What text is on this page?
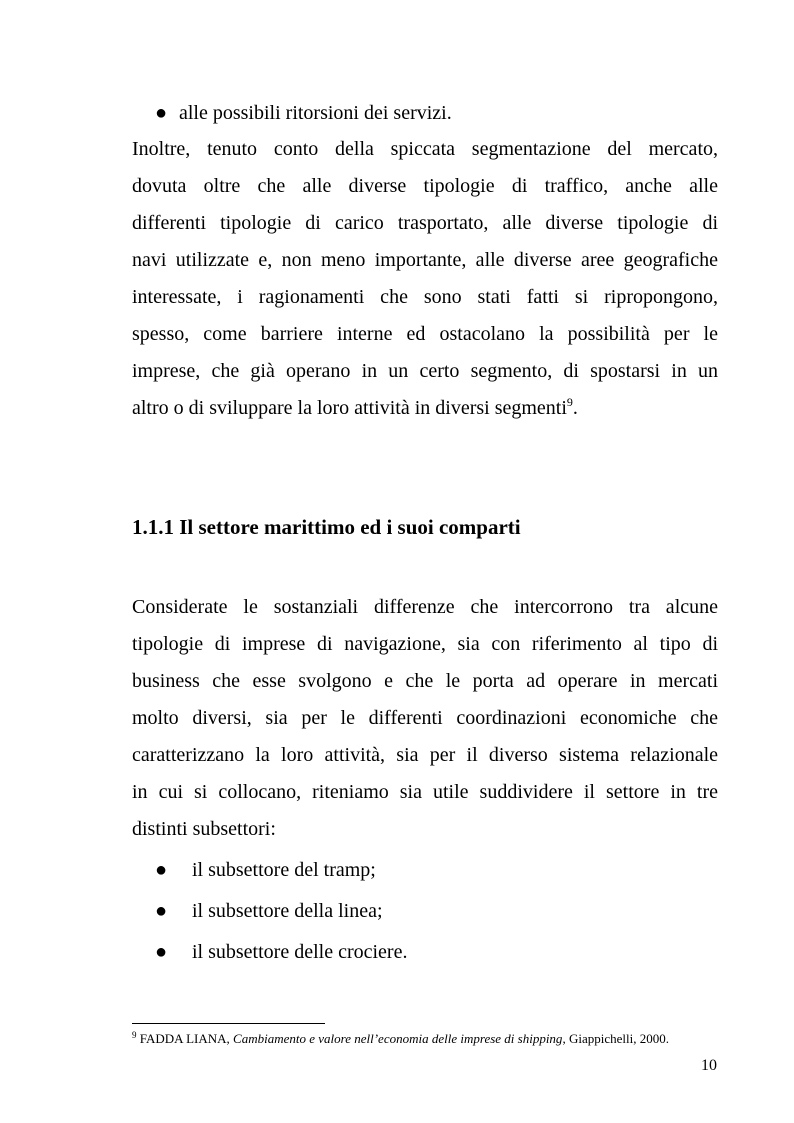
● alle possibili ritorsioni dei servizi.
Inoltre, tenuto conto della spiccata segmentazione del mercato,
dovuta oltre che alle diverse tipologie di traffico, anche alle
differenti tipologie di carico trasportato, alle diverse tipologie di
navi utilizzate e, non meno importante, alle diverse aree geografiche
interessate, i ragionamenti che sono stati fatti si ripropongono,
spesso, come barriere interne ed ostacolano la possibilità per le
imprese, che già operano in un certo segmento, di spostarsi in un
altro o di sviluppare la loro attività in diversi segmenti$^9$.
1.1.1 Il settore marittimo ed i suoi comparti
Considerate le sostanziali differenze che intercorrono tra alcune
tipologie di imprese di navigazione, sia con riferimento al tipo di
business che esse svolgono e che le porta ad operare in mercati
molto diversi, sia per le differenti coordinazioni economiche che
caratterizzano la loro attività, sia per il diverso sistema relazionale
in cui si collocano, riteniamo sia utile suddividere il settore in tre
distinti subsettori:
● il subsettore del tramp;
● il subsettore della linea;
● il subsettore delle crociere.
$^9$ FADDA LIANA, Cambiamento e valore nell’economia delle imprese di shipping, Giappichelli, 2000.
10
